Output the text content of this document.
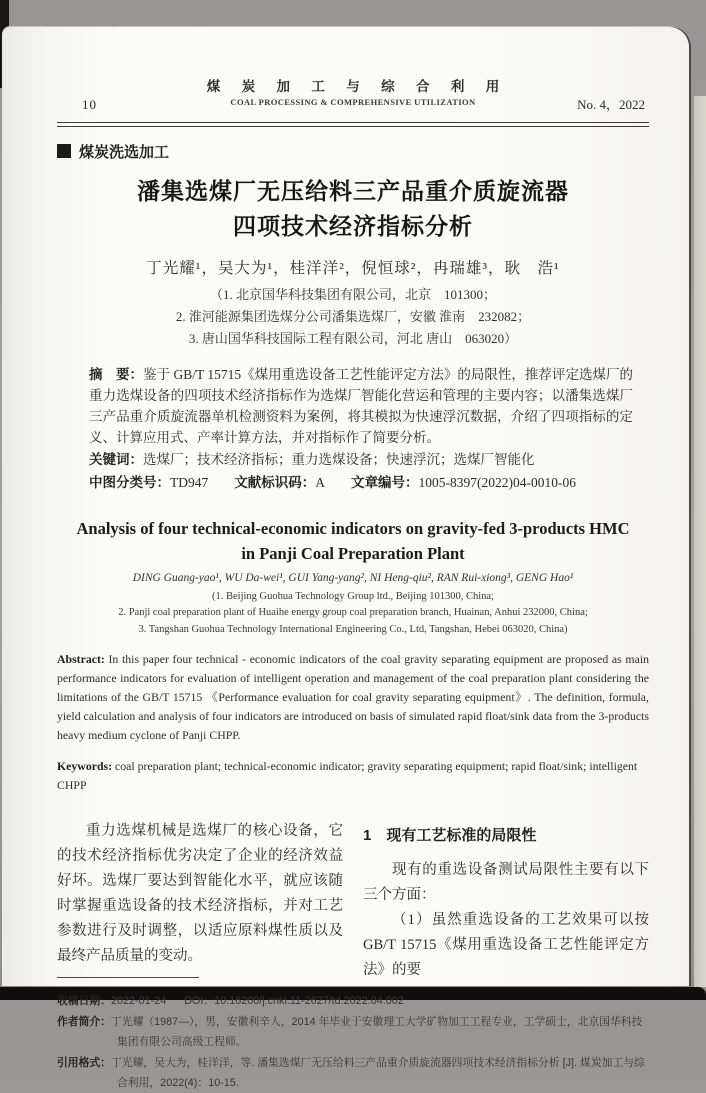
10
煤 炭 加 工 与 综 合 利 用
COAL PROCESSING & COMPREHENSIVE UTILIZATION	No. 4，2022
煤炭洗选加工
潘集选煤厂无压给料三产品重介质旋流器
四项技术经济指标分析
丁光耀¹，吴大为¹，桂洋洋²，倪恒球²，冉瑞雄³，耿　浩¹
（1. 北京国华科技集团有限公司，北京　101300；
2. 淮河能源集团选煤分公司潘集选煤厂，安徽 淮南　232082；
3. 唐山国华科技国际工程有限公司，河北 唐山　063020）

摘　要：鉴于 GB/T 15715《煤用重选设备工艺性能评定方法》的局限性，推荐评定选煤厂的重力选煤设备的四项技术经济指标作为选煤厂智能化营运和管理的主要内容；以潘集选煤厂三产品重介质旋流器单机检测资料为案例，将其模拟为快速浮沉数据，介绍了四项指标的定义、计算应用式、产率计算方法，并对指标作了简要分析。

关键词：选煤厂；技术经济指标；重力选煤设备；快速浮沉；选煤厂智能化

中图分类号：TD947 文献标识码：A 文章编号：1005-8397(2022)04-0010-06

Analysis of four technical-economic indicators on gravity-fed 3-products HMC
in Panji Coal Preparation Plant
DING Guang-yao¹, WU Da-wei¹, GUI Yang-yang², NI Heng-qiu², RAN Rui-xiong³, GENG Hao¹
(1. Beijing Guohua Technology Group ltd., Beijing 101300, China;
2. Panji coal preparation plant of Huaihe energy group coal preparation branch, Huainan, Anhui 232000, China;
3. Tangshan Guohua Technology International Engineering Co., Ltd, Tangshan, Hebei 063020, China)

Abstract: In this paper four technical - economic indicators of the coal gravity separating equipment are proposed as main performance indicators for evaluation of intelligent operation and management of the coal preparation plant considering the limitations of the GB/T 15715 《Performance evaluation for coal gravity separating equipment》. The definition, formula, yield calculation and analysis of four indicators are introduced on basis of simulated rapid float/sink data from the 3-products heavy medium cyclone of Panji CHPP.

Keywords: coal preparation plant; technical-economic indicator; gravity separating equipment; rapid float/sink; intelligent CHPP

重力选煤机械是选煤厂的核心设备，它的技术经济指标优劣决定了企业的经济效益好坏。选煤厂要达到智能化水平，就应该随时掌握重选设备的技术经济指标，并对工艺参数进行及时调整，以适应原料煤性质以及最终产品质量的变动。

1　现有工艺标准的局限性

现有的重选设备测试局限性主要有以下三个方面：

（1）虽然重选设备的工艺效果可以按 GB/T 15715《煤用重选设备工艺性能评定方法》的要

收稿日期：2022-01-24 DOI：10.16200/j.cnki.11-2627/td.2022.04.002

作者简介：丁光耀（1987—），男，安徽利辛人，2014 年毕业于安徽理工大学矿物加工工程专业，工学硕士，北京国华科技集团有限公司高级工程师。

引用格式：丁光耀，吴大为，桂洋洋，等. 潘集选煤厂无压给料三产品重介质旋流器四项技术经济指标分析 [J]. 煤炭加工与综合利用，2022(4)：10-15.
